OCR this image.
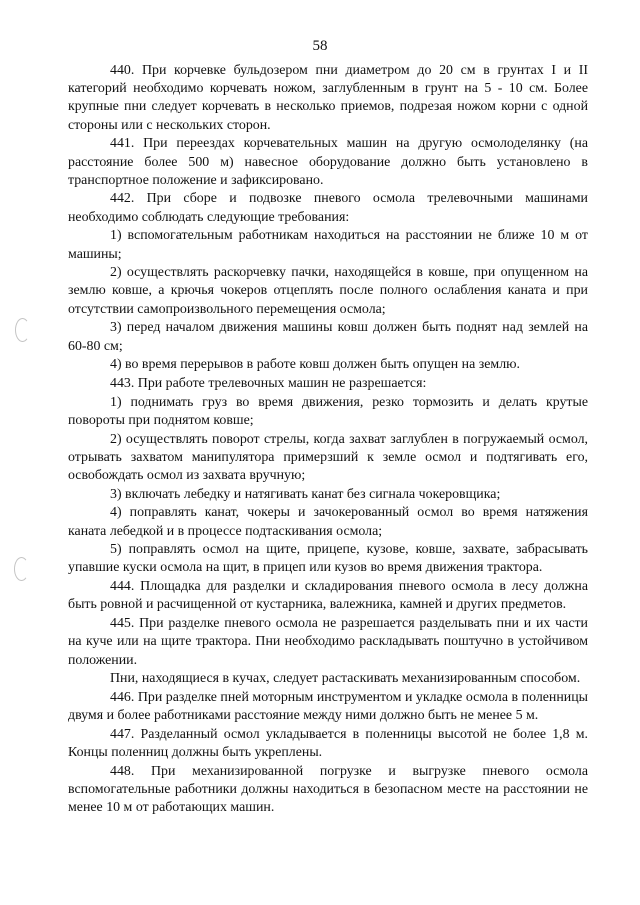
58

440. При корчевке бульдозером пни диаметром до 20 см в грунтах I и II категорий необходимо корчевать ножом, заглубленным в грунт на 5 - 10 см. Более крупные пни следует корчевать в несколько приемов, подрезая ножом корни с одной стороны или с нескольких сторон.

441. При переездах корчевательных машин на другую осмолоделянку (на расстояние более 500 м) навесное оборудование должно быть установлено в транспортное положение и зафиксировано.

442. При сборе и подвозке пневого осмола трелевочными машинами необходимо соблюдать следующие требования:

1) вспомогательным работникам находиться на расстоянии не ближе 10 м от машины;

2) осуществлять раскорчевку пачки, находящейся в ковше, при опущенном на землю ковше, а крючья чокеров отцеплять после полного ослабления каната и при отсутствии самопроизвольного перемещения осмола;

3) перед началом движения машины ковш должен быть поднят над землей на 60-80 см;

4) во время перерывов в работе ковш должен быть опущен на землю.

443. При работе трелевочных машин не разрешается:

1) поднимать груз во время движения, резко тормозить и делать крутые повороты при поднятом ковше;

2) осуществлять поворот стрелы, когда захват заглублен в погружаемый осмол, отрывать захватом манипулятора примерзший к земле осмол и подтягивать его, освобождать осмол из захвата вручную;

3) включать лебедку и натягивать канат без сигнала чокеровщика;

4) поправлять канат, чокеры и зачокерованный осмол во время натяжения каната лебедкой и в процессе подтаскивания осмола;

5) поправлять осмол на щите, прицепе, кузове, ковше, захвате, забрасывать упавшие куски осмола на щит, в прицеп или кузов во время движения трактора.

444. Площадка для разделки и складирования пневого осмола в лесу должна быть ровной и расчищенной от кустарника, валежника, камней и других предметов.

445. При разделке пневого осмола не разрешается разделывать пни и их части на куче или на щите трактора. Пни необходимо раскладывать поштучно в устойчивом положении.

Пни, находящиеся в кучах, следует растаскивать механизированным способом.

446. При разделке пней моторным инструментом и укладке осмола в поленницы двумя и более работниками расстояние между ними должно быть не менее 5 м.

447. Разделанный осмол укладывается в поленницы высотой не более 1,8 м. Концы поленниц должны быть укреплены.

448. При механизированной погрузке и выгрузке пневого осмола вспомогательные работники должны находиться в безопасном месте на расстоянии не менее 10 м от работающих машин.
